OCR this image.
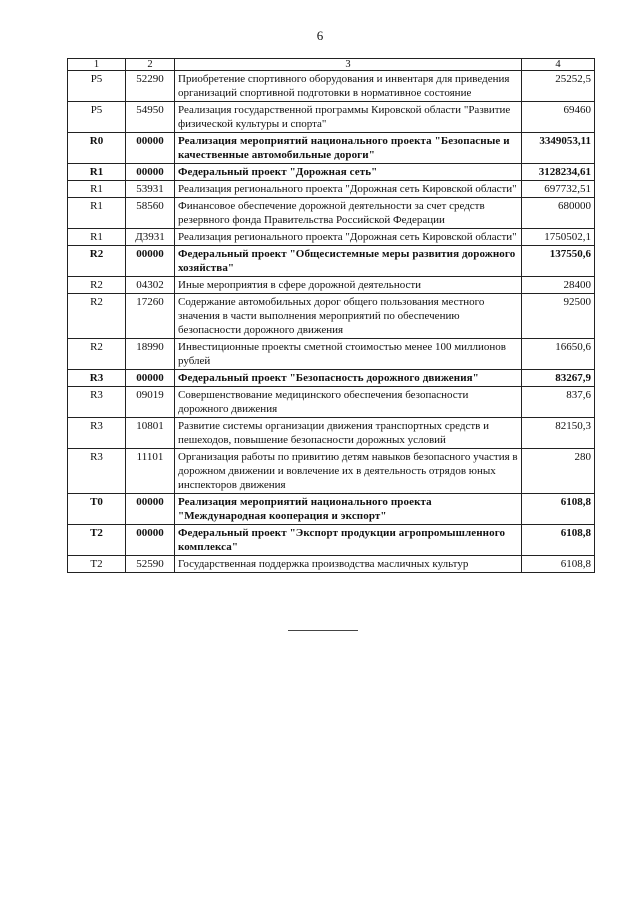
6
1	2	3	4
P5	52290	Приобретение спортивного оборудования и инвентаря для приведения организаций спортивной подготовки в нормативное состояние	25252,5
P5	54950	Реализация государственной программы Кировской области "Развитие физической культуры и спорта"	69460
R0	00000	Реализация мероприятий национального проекта "Безопасные и качественные автомобильные дороги"	3349053,11
R1	00000	Федеральный проект "Дорожная сеть"	3128234,61
R1	53931	Реализация регионального проекта "Дорожная сеть Кировской области"	697732,51
R1	58560	Финансовое обеспечение дорожной деятельности за счет средств резервного фонда Правительства Российской Федерации	680000
R1	Д3931	Реализация регионального проекта "Дорожная сеть Кировской области"	1750502,1
R2	00000	Федеральный проект "Общесистемные меры развития дорожного хозяйства"	137550,6
R2	04302	Иные мероприятия в сфере дорожной деятельности	28400
R2	17260	Содержание автомобильных дорог общего пользования местного значения в части выполнения мероприятий по обеспечению безопасности дорожного движения	92500
R2	18990	Инвестиционные проекты сметной стоимостью менее 100 миллионов рублей	16650,6
R3	00000	Федеральный проект "Безопасность дорожного движения"	83267,9
R3	09019	Совершенствование медицинского обеспечения безопасности дорожного движения	837,6
R3	10801	Развитие системы организации движения транспортных средств и пешеходов, повышение безопасности дорожных условий	82150,3
R3	11101	Организация работы по привитию детям навыков безопасного участия в дорожном движении и вовлечение их в деятельность отрядов юных инспекторов движения	280
T0	00000	Реализация мероприятий национального проекта "Международная кооперация и экспорт"	6108,8
T2	00000	Федеральный проект "Экспорт продукции агропромышленного комплекса"	6108,8
T2	52590	Государственная поддержка производства масличных культур	6108,8
